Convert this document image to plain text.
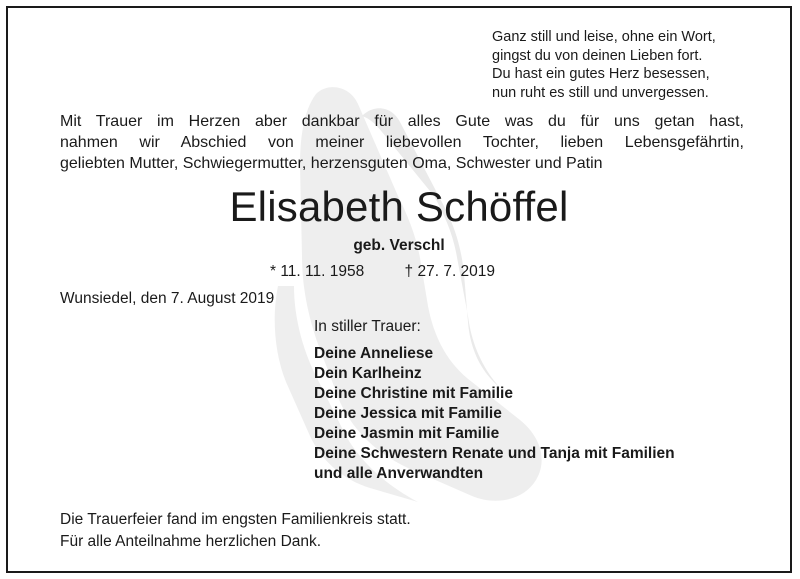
Ganz still und leise, ohne ein Wort,
gingst du von deinen Lieben fort.
Du hast ein gutes Herz besessen,
nun ruht es still und unvergessen.
Mit Trauer im Herzen aber dankbar für alles Gute was du für uns getan hast,
nahmen wir Abschied von meiner liebevollen Tochter, lieben Lebensgefährtin,
geliebten Mutter, Schwiegermutter, herzensguten Oma, Schwester und Patin
Elisabeth Schöffel
geb. Verschl
* 11. 11. 1958	† 27. 7. 2019
Wunsiedel, den 7. August 2019
In stiller Trauer:
Deine Anneliese
Dein Karlheinz
Deine Christine mit Familie
Deine Jessica mit Familie
Deine Jasmin mit Familie
Deine Schwestern Renate und Tanja mit Familien
und alle Anverwandten
Die Trauerfeier fand im engsten Familienkreis statt.
Für alle Anteilnahme herzlichen Dank.
